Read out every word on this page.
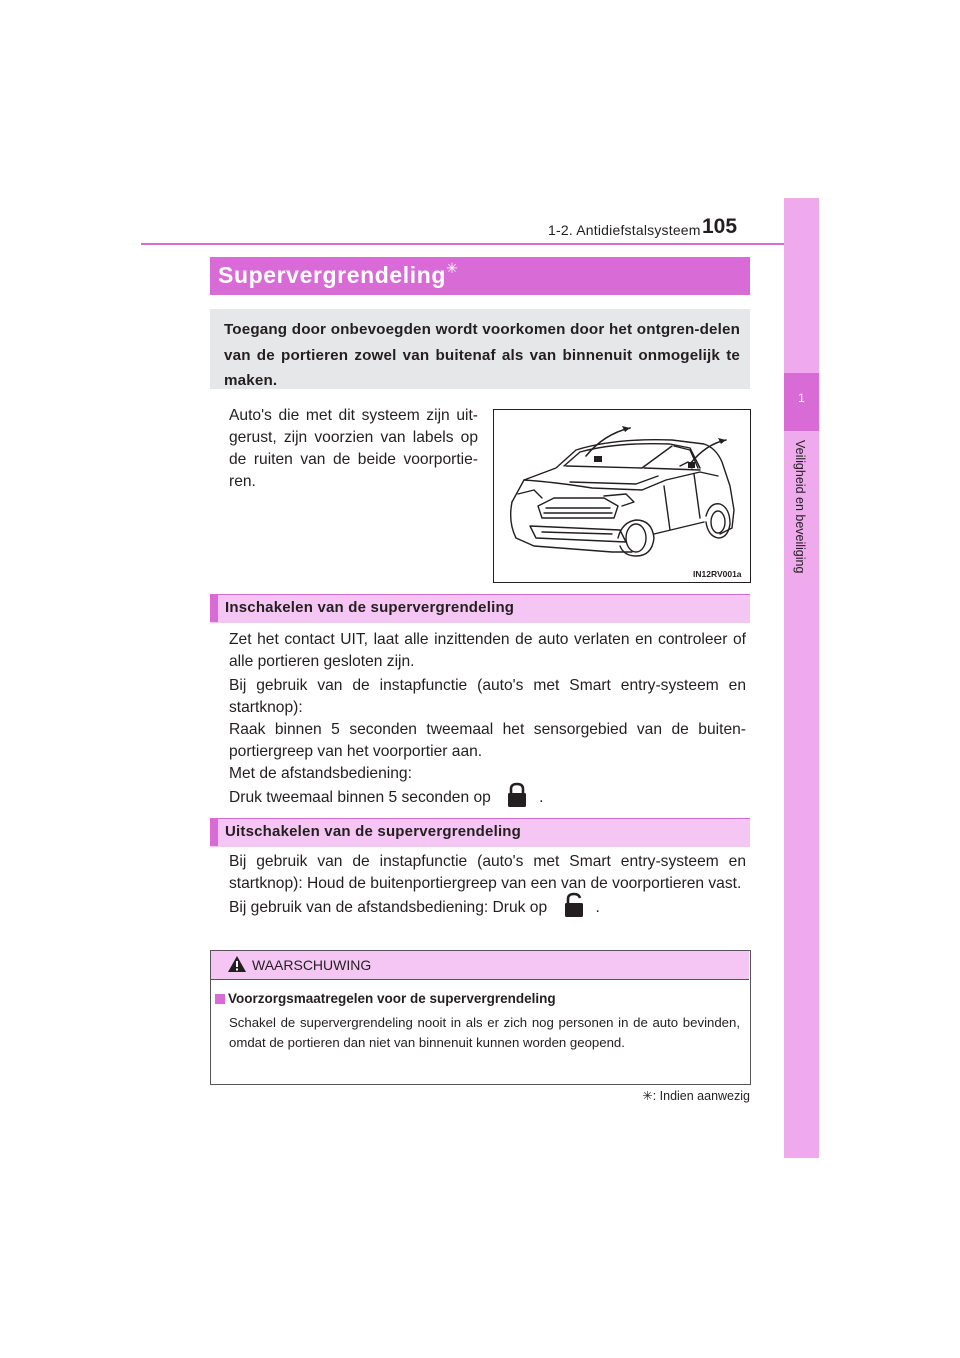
1-2. Antidiefstalsysteem 105
1
Veiligheid en beveiliging
Supervergrendeling✳
Toegang door onbevoegden wordt voorkomen door het ontgren-delen van de portieren zowel van buitenaf als van binnenuit onmogelijk te maken.
Auto's die met dit systeem zijn uit-gerust, zijn voorzien van labels op de ruiten van de beide voorportie-ren.
IN12RV001a
Inschakelen van de supervergrendeling
Zet het contact UIT, laat alle inzittenden de auto verlaten en controleer of alle portieren gesloten zijn.
Bij gebruik van de instapfunctie (auto's met Smart entry-systeem en startknop):
Raak binnen 5 seconden tweemaal het sensorgebied van de buiten-portiergreep van het voorportier aan.
Met de afstandsbediening:
Druk tweemaal binnen 5 seconden op	.
Uitschakelen van de supervergrendeling
Bij gebruik van de instapfunctie (auto's met Smart entry-systeem en startknop): Houd de buitenportiergreep van een van de voorportieren vast.
Bij gebruik van de afstandsbediening: Druk op	.
WAARSCHUWING
Voorzorgsmaatregelen voor de supervergrendeling
Schakel de supervergrendeling nooit in als er zich nog personen in de auto bevinden, omdat de portieren dan niet van binnenuit kunnen worden geopend.
✳: Indien aanwezig
